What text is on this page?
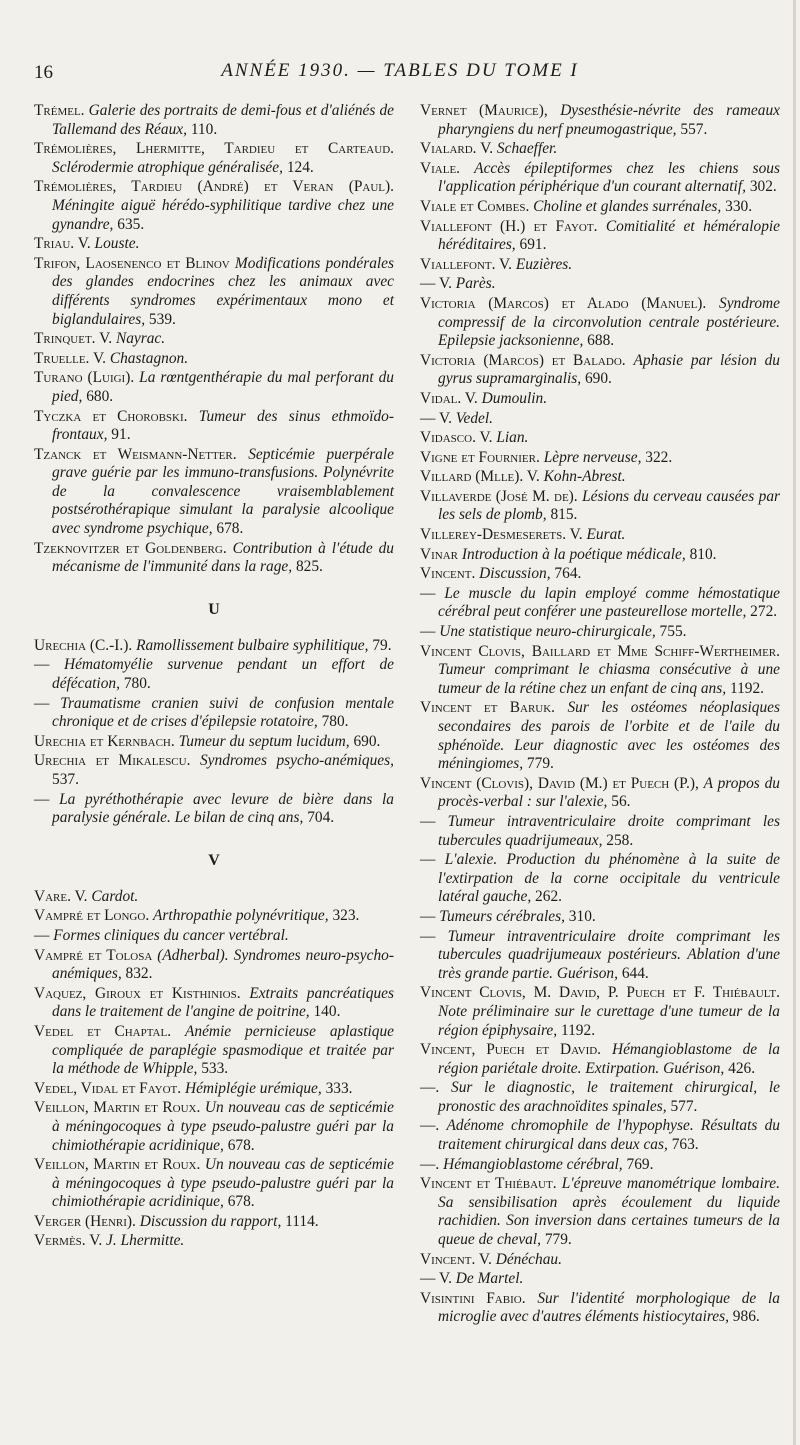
16	ANNÉE 1930. — TABLES DU TOME I

Trémel. Galerie des portraits de demi-fous et d'aliénés de Tallemand des Réaux, 110.

Trémolières, Lhermitte, Tardieu et Carteaud. Sclérodermie atrophique généralisée, 124.

Trémolières, Tardieu (André) et Veran (Paul). Méningite aiguë hérédo-syphilitique tardive chez une gynandre, 635.

Triau. V. Louste.

Trifon, Laosenenco et Blinov Modifications pondérales des glandes endocrines chez les animaux avec différents syndromes expérimentaux mono et biglandulaires, 539.

Trinquet. V. Nayrac.

Truelle. V. Chastagnon.

Turano (Luigi). La rœntgenthérapie du mal perforant du pied, 680.

Tyczka et Chorobski. Tumeur des sinus ethmoïdo-frontaux, 91.

Tzanck et Weismann-Netter. Septicémie puerpérale grave guérie par les immuno-transfusions. Polynévrite de la convalescence vraisemblablement postsérothérapique simulant la paralysie alcoolique avec syndrome psychique, 678.

Tzeknovitzer et Goldenberg. Contribution à l'étude du mécanisme de l'immunité dans la rage, 825.

U

Urechia (C.-I.). Ramollissement bulbaire syphilitique, 79.

— Hématomyélie survenue pendant un effort de défécation, 780.

— Traumatisme cranien suivi de confusion mentale chronique et de crises d'épilepsie rotatoire, 780.

Urechia et Kernbach. Tumeur du septum lucidum, 690.

Urechia et Mikalescu. Syndromes psycho-anémiques, 537.

— La pyréthothérapie avec levure de bière dans la paralysie générale. Le bilan de cinq ans, 704.

V

Vare. V. Cardot.

Vampré et Longo. Arthropathie polynévritique, 323.

— Formes cliniques du cancer vertébral.

Vampré et Tolosa (Adherbal). Syndromes neuro-psycho-anémiques, 832.

Vaquez, Giroux et Kisthinios. Extraits pancréatiques dans le traitement de l'angine de poitrine, 140.

Vedel et Chaptal. Anémie pernicieuse aplastique compliquée de paraplégie spasmodique et traitée par la méthode de Whipple, 533.

Vedel, Vidal et Fayot. Hémiplégie urémique, 333.

Veillon, Martin et Roux. Un nouveau cas de septicémie à méningocoques à type pseudo-palustre guéri par la chimiothérapie acridinique, 678.

Veillon, Martin et Roux. Un nouveau cas de septicémie à méningocoques à type pseudo-palustre guéri par la chimiothérapie acridinique, 678.

Verger (Henri). Discussion du rapport, 1114.

Vermès. V. J. Lhermitte.

Vernet (Maurice), Dysesthésie-névrite des rameaux pharyngiens du nerf pneumogastrique, 557.

Vialard. V. Schaeffer.

Viale. Accès épileptiformes chez les chiens sous l'application périphérique d'un courant alternatif, 302.

Viale et Combes. Choline et glandes surrénales, 330.

Viallefont (H.) et Fayot. Comitialité et héméralopie héréditaires, 691.

Viallefont. V. Euzières.

— V. Parès.

Victoria (Marcos) et Alado (Manuel). Syndrome compressif de la circonvolution centrale postérieure. Epilepsie jacksonienne, 688.

Victoria (Marcos) et Balado. Aphasie par lésion du gyrus supramarginalis, 690.

Vidal. V. Dumoulin.

— V. Vedel.

Vidasco. V. Lian.

Vigne et Fournier. Lèpre nerveuse, 322.

Villard (Mlle). V. Kohn-Abrest.

Villaverde (José M. de). Lésions du cerveau causées par les sels de plomb, 815.

Villerey-Desmeserets. V. Eurat.

Vinar Introduction à la poétique médicale, 810.

Vincent. Discussion, 764.

— Le muscle du lapin employé comme hémostatique cérébral peut conférer une pasteurellose mortelle, 272.

— Une statistique neuro-chirurgicale, 755.

Vincent Clovis, Baillard et Mme Schiff-Wertheimer. Tumeur comprimant le chiasma consécutive à une tumeur de la rétine chez un enfant de cinq ans, 1192.

Vincent et Baruk. Sur les ostéomes néoplasiques secondaires des parois de l'orbite et de l'aile du sphénoïde. Leur diagnostic avec les ostéomes des méningiomes, 779.

Vincent (Clovis), David (M.) et Puech (P.), A propos du procès-verbal : sur l'alexie, 56.

— Tumeur intraventriculaire droite comprimant les tubercules quadrijumeaux, 258.

— L'alexie. Production du phénomène à la suite de l'extirpation de la corne occipitale du ventricule latéral gauche, 262.

— Tumeurs cérébrales, 310.

— Tumeur intraventriculaire droite comprimant les tubercules quadrijumeaux postérieurs. Ablation d'une très grande partie. Guérison, 644.

Vincent Clovis, M. David, P. Puech et F. Thiébault. Note préliminaire sur le curettage d'une tumeur de la région épiphysaire, 1192.

Vincent, Puech et David. Hémangioblastome de la région pariétale droite. Extirpation. Guérison, 426.

—. Sur le diagnostic, le traitement chirurgical, le pronostic des arachnoïdites spinales, 577.

—. Adénome chromophile de l'hypophyse. Résultats du traitement chirurgical dans deux cas, 763.

—. Hémangioblastome cérébral, 769.

Vincent et Thiébaut. L'épreuve manométrique lombaire. Sa sensibilisation après écoulement du liquide rachidien. Son inversion dans certaines tumeurs de la queue de cheval, 779.

Vincent. V. Dénéchau.

— V. De Martel.

Visintini Fabio. Sur l'identité morphologique de la microglie avec d'autres éléments histiocytaires, 986.
